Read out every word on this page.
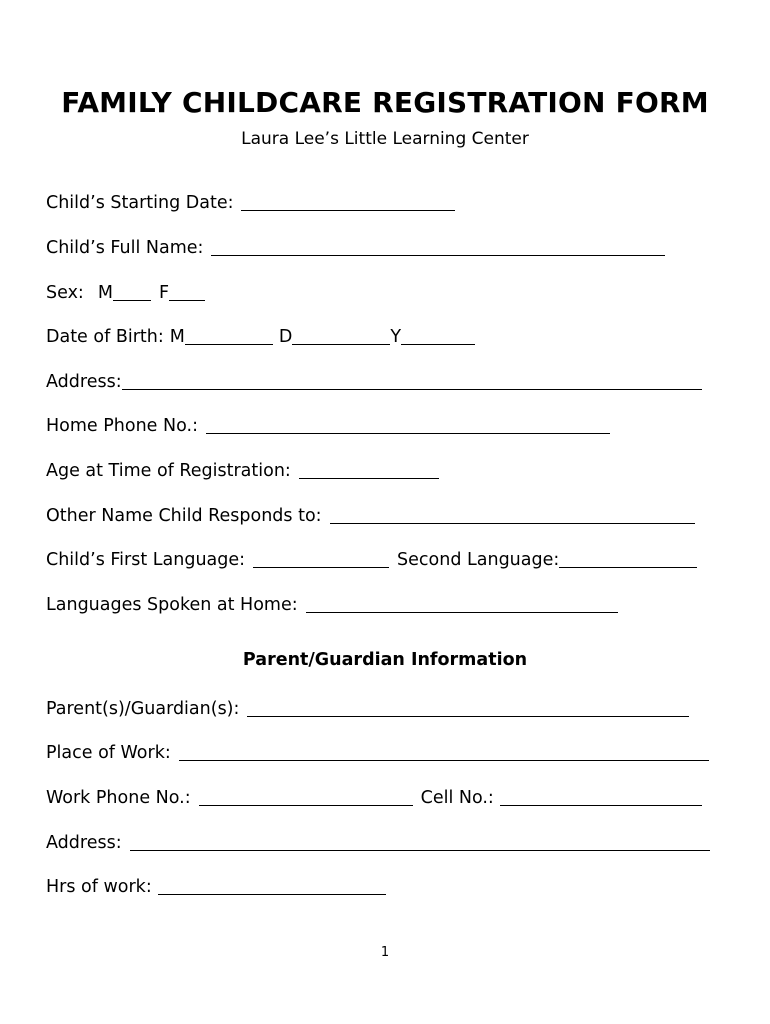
FAMILY CHILDCARE REGISTRATION FORM
Laura Lee’s Little Learning Center
Child’s Starting Date:
Child’s Full Name:
Sex: M	F
Date of Birth: M	D	Y
Address:
Home Phone No.:
Age at Time of Registration:
Other Name Child Responds to:
Child’s First Language:	Second Language:
Languages Spoken at Home:
Parent/Guardian Information
Parent(s)/Guardian(s):
Place of Work:
Work Phone No.:	Cell No.:
Address:
Hrs of work:
1
